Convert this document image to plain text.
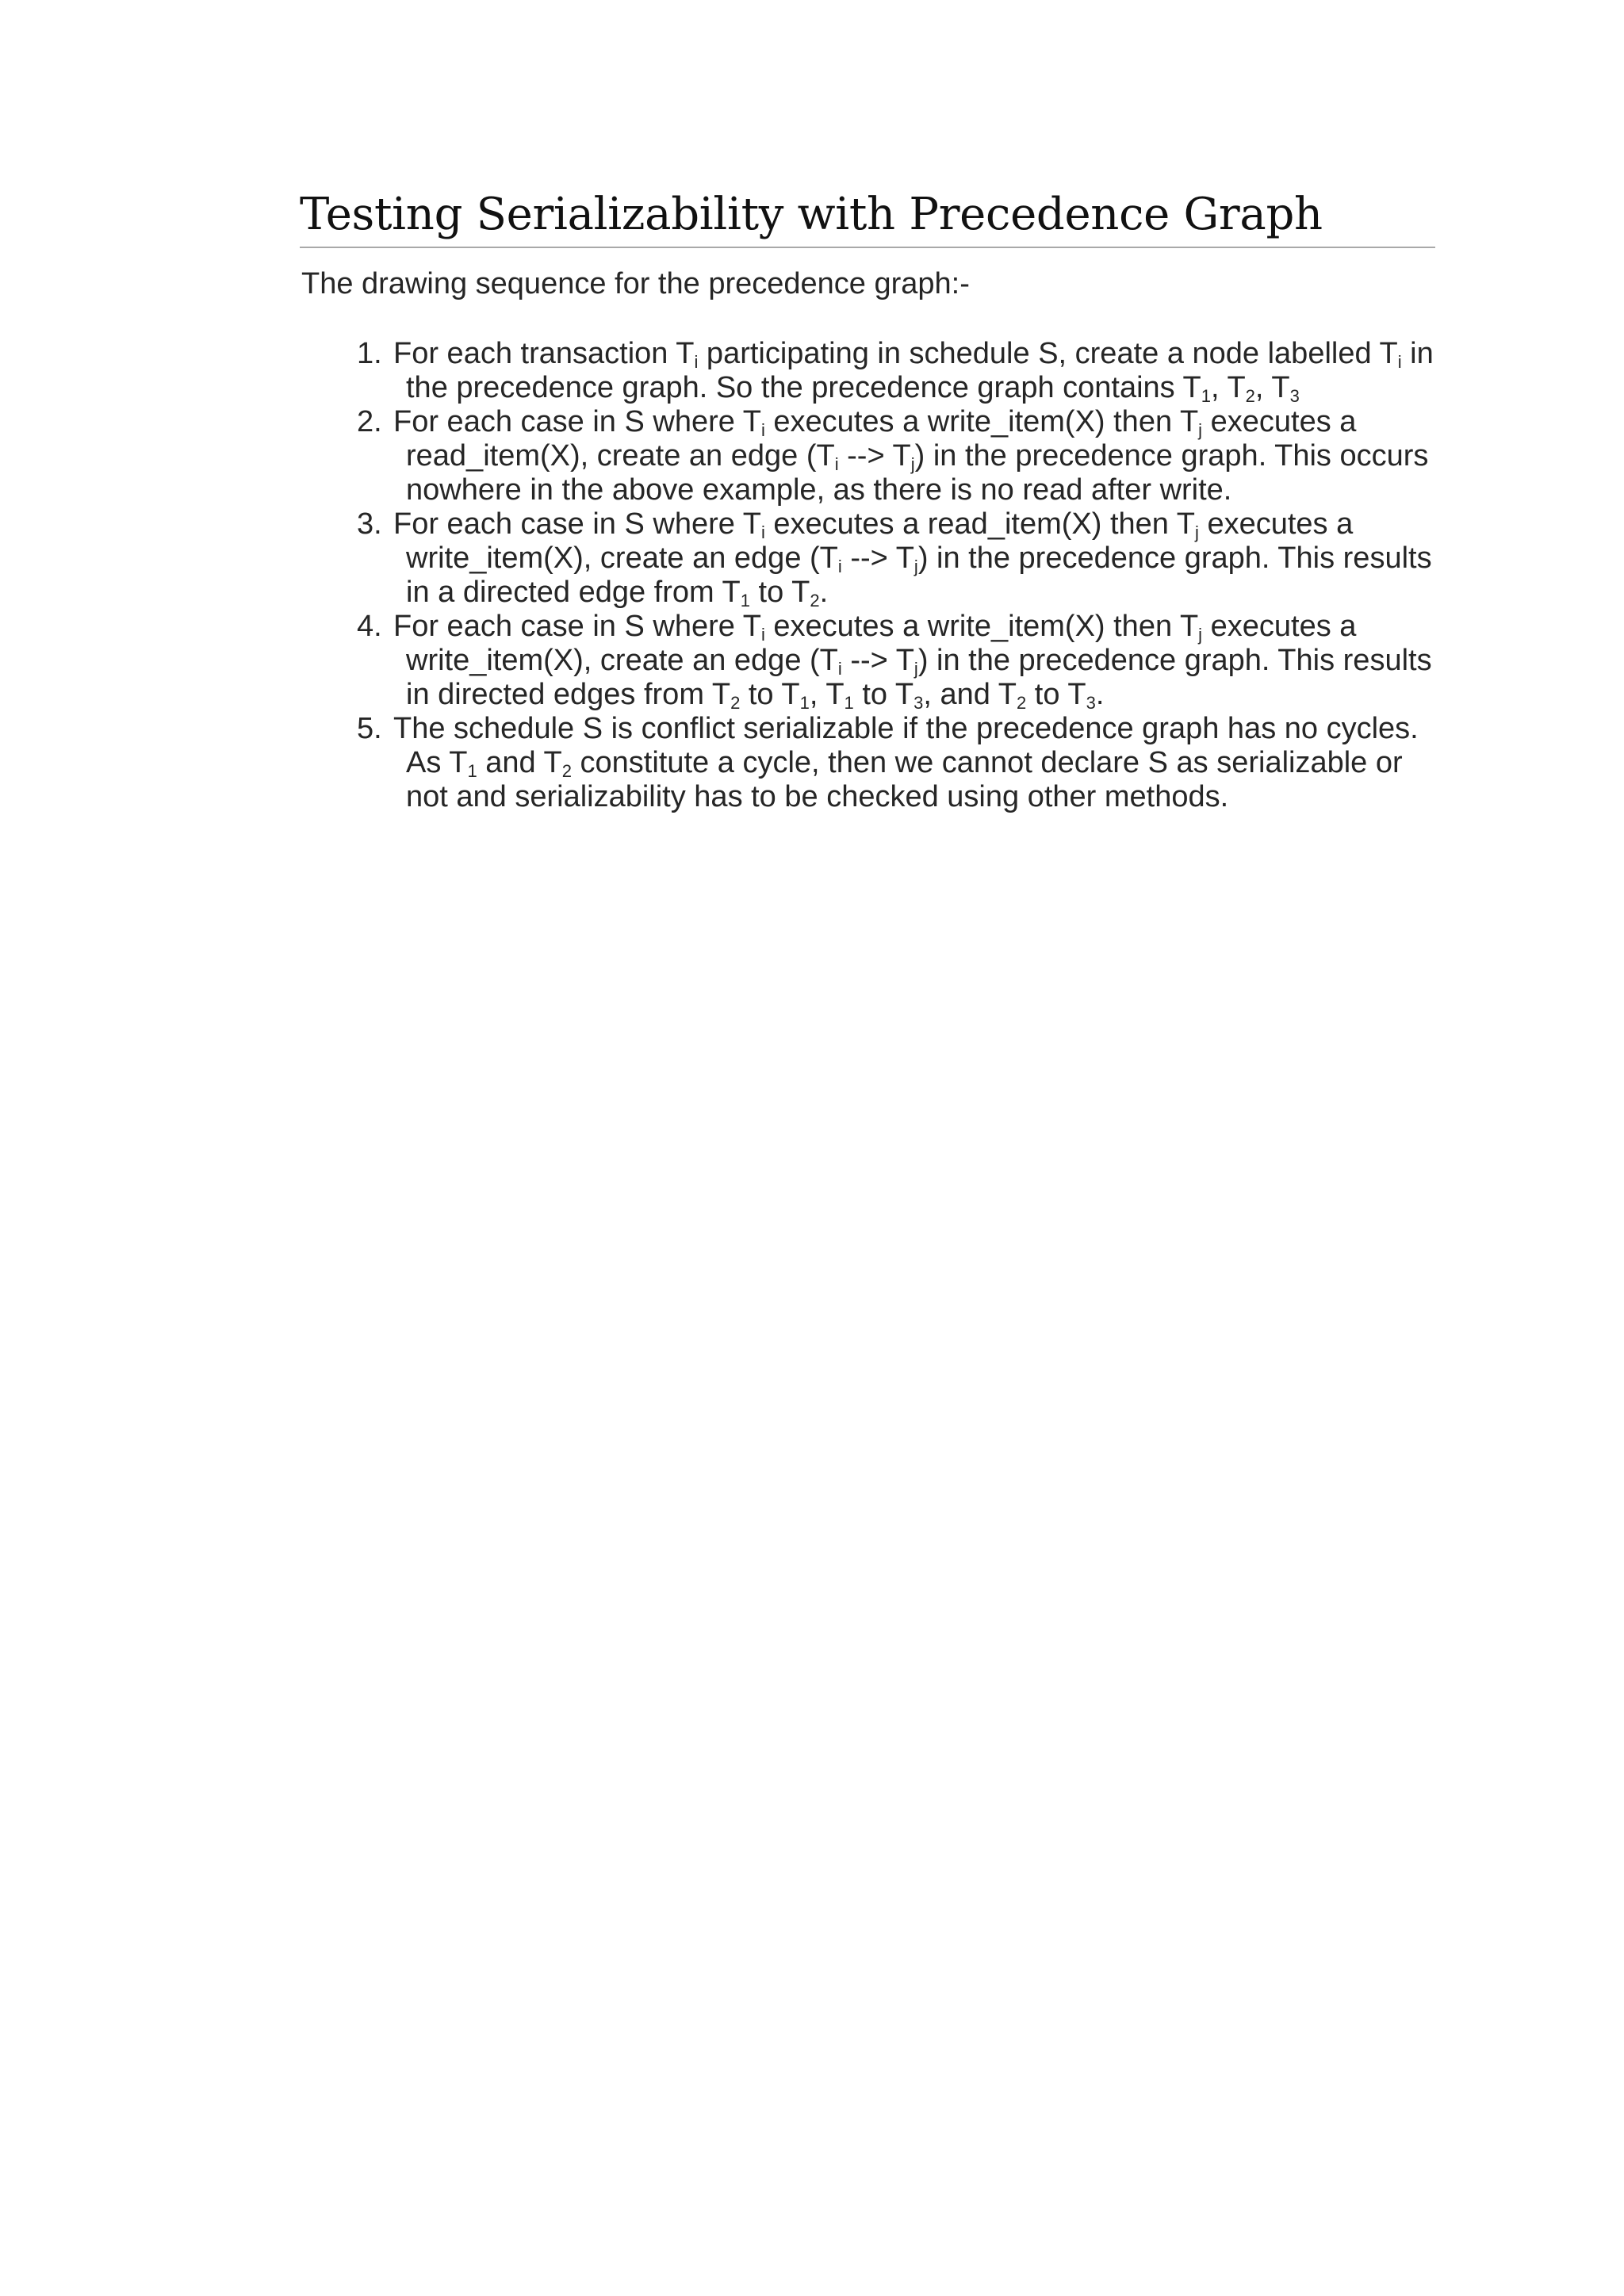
Testing Serializability with Precedence Graph

The drawing sequence for the precedence graph:-

1. For each transaction $T_i$ participating in schedule S, create a node labelled $T_i$ in the precedence graph. So the precedence graph contains $T_1$, $T_2$, $T_3$
2. For each case in S where $T_i$ executes a write_item(X) then $T_j$ executes a read_item(X), create an edge ($T_i$ --> $T_j$) in the precedence graph. This occurs nowhere in the above example, as there is no read after write.
3. For each case in S where $T_i$ executes a read_item(X) then $T_j$ executes a write_item(X), create an edge ($T_i$ --> $T_j$) in the precedence graph. This results in a directed edge from $T_1$ to $T_2$.
4. For each case in S where $T_i$ executes a write_item(X) then $T_j$ executes a write_item(X), create an edge ($T_i$ --> $T_j$) in the precedence graph. This results in directed edges from $T_2$ to $T_1$, $T_1$ to $T_3$, and $T_2$ to $T_3$.
5. The schedule S is conflict serializable if the precedence graph has no cycles. As $T_1$ and $T_2$ constitute a cycle, then we cannot declare S as serializable or not and serializability has to be checked using other methods.
